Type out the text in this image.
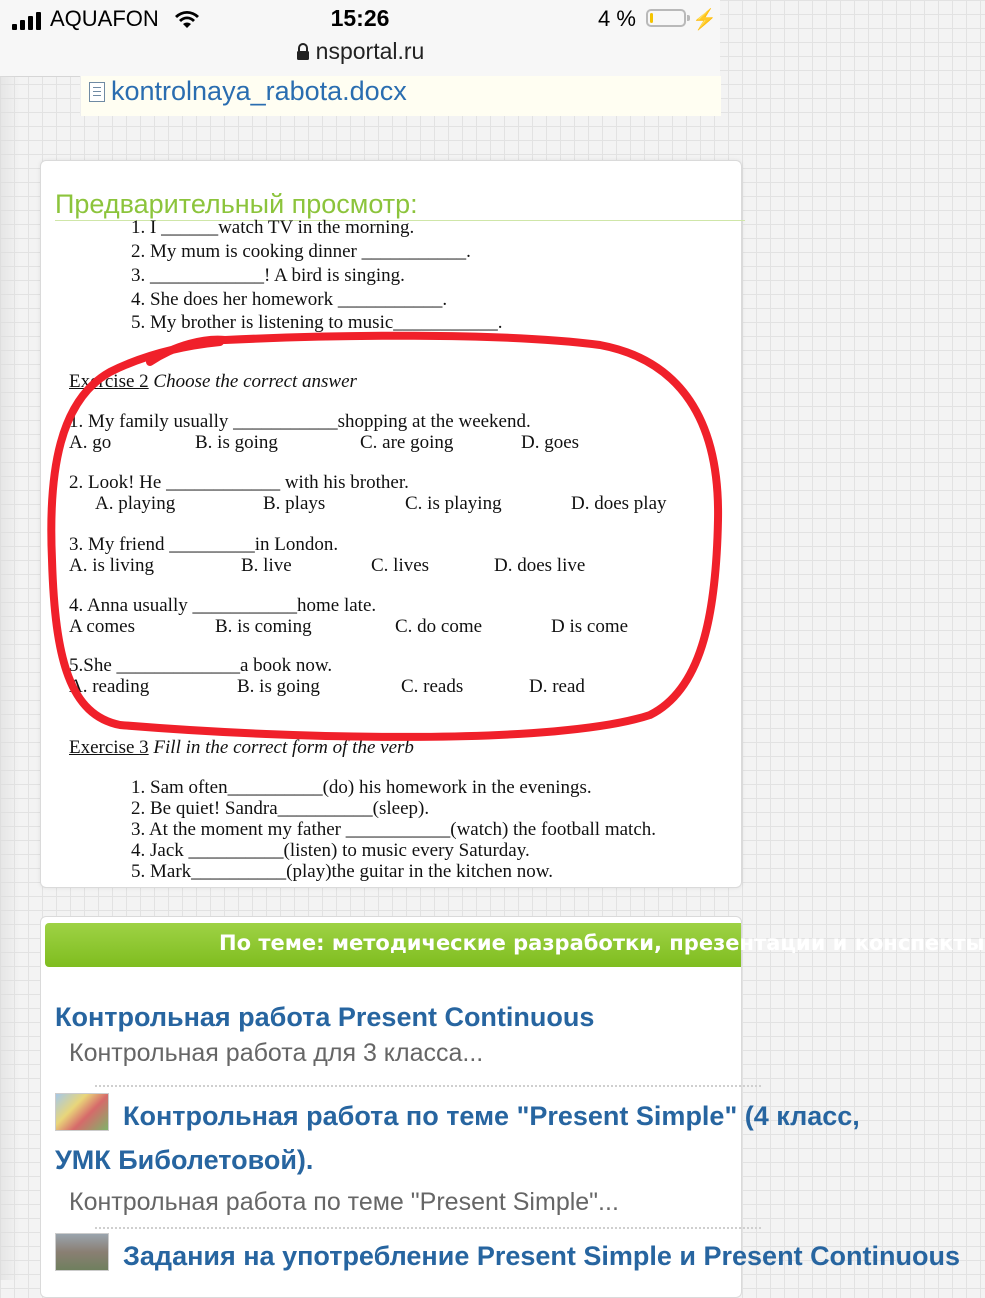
AQUAFON	15:26	4 %	⚡
nsportal.ru
kontrolnaya_rabota.docx
Предварительный просмотр:
1. I ______watch TV in the morning.
2. My mum is cooking dinner ___________.
3. ____________! A bird is singing.
4. She does her homework ___________.
5. My brother is listening to music___________.
Exercise 2 Choose the correct answer
1. My family usually ___________shopping at the weekend.
A. go	B. is going	C. are going	D. goes
2. Look! He ____________ with his brother.
A. playing	B. plays	C. is playing	D. does play
3. My friend _________in London.
A. is living	B. live	C. lives	D. does live
4. Anna usually ___________home late.
A comes	B. is coming	C. do come	D is come
5.She _____________a book now.
A. reading	B. is going	C. reads	D. read
Exercise 3 Fill in the correct form of the verb
1. Sam often__________(do) his homework in the evenings.
2. Be quiet! Sandra__________(sleep).
3. At the moment my father ___________(watch) the football match.
4. Jack __________(listen) to music every Saturday.
5. Mark__________(play)the guitar in the kitchen now.
По теме: методические разработки, презентации и конспекты
Контрольная работа Present Continuous
Контрольная работа для 3 класса...
Контрольная работа по теме "Present Simple" (4 класс,
УМК Биболетовой).
Контрольная работа по теме "Present Simple"...
Задания на употребление Present Simple и Present Continuous
